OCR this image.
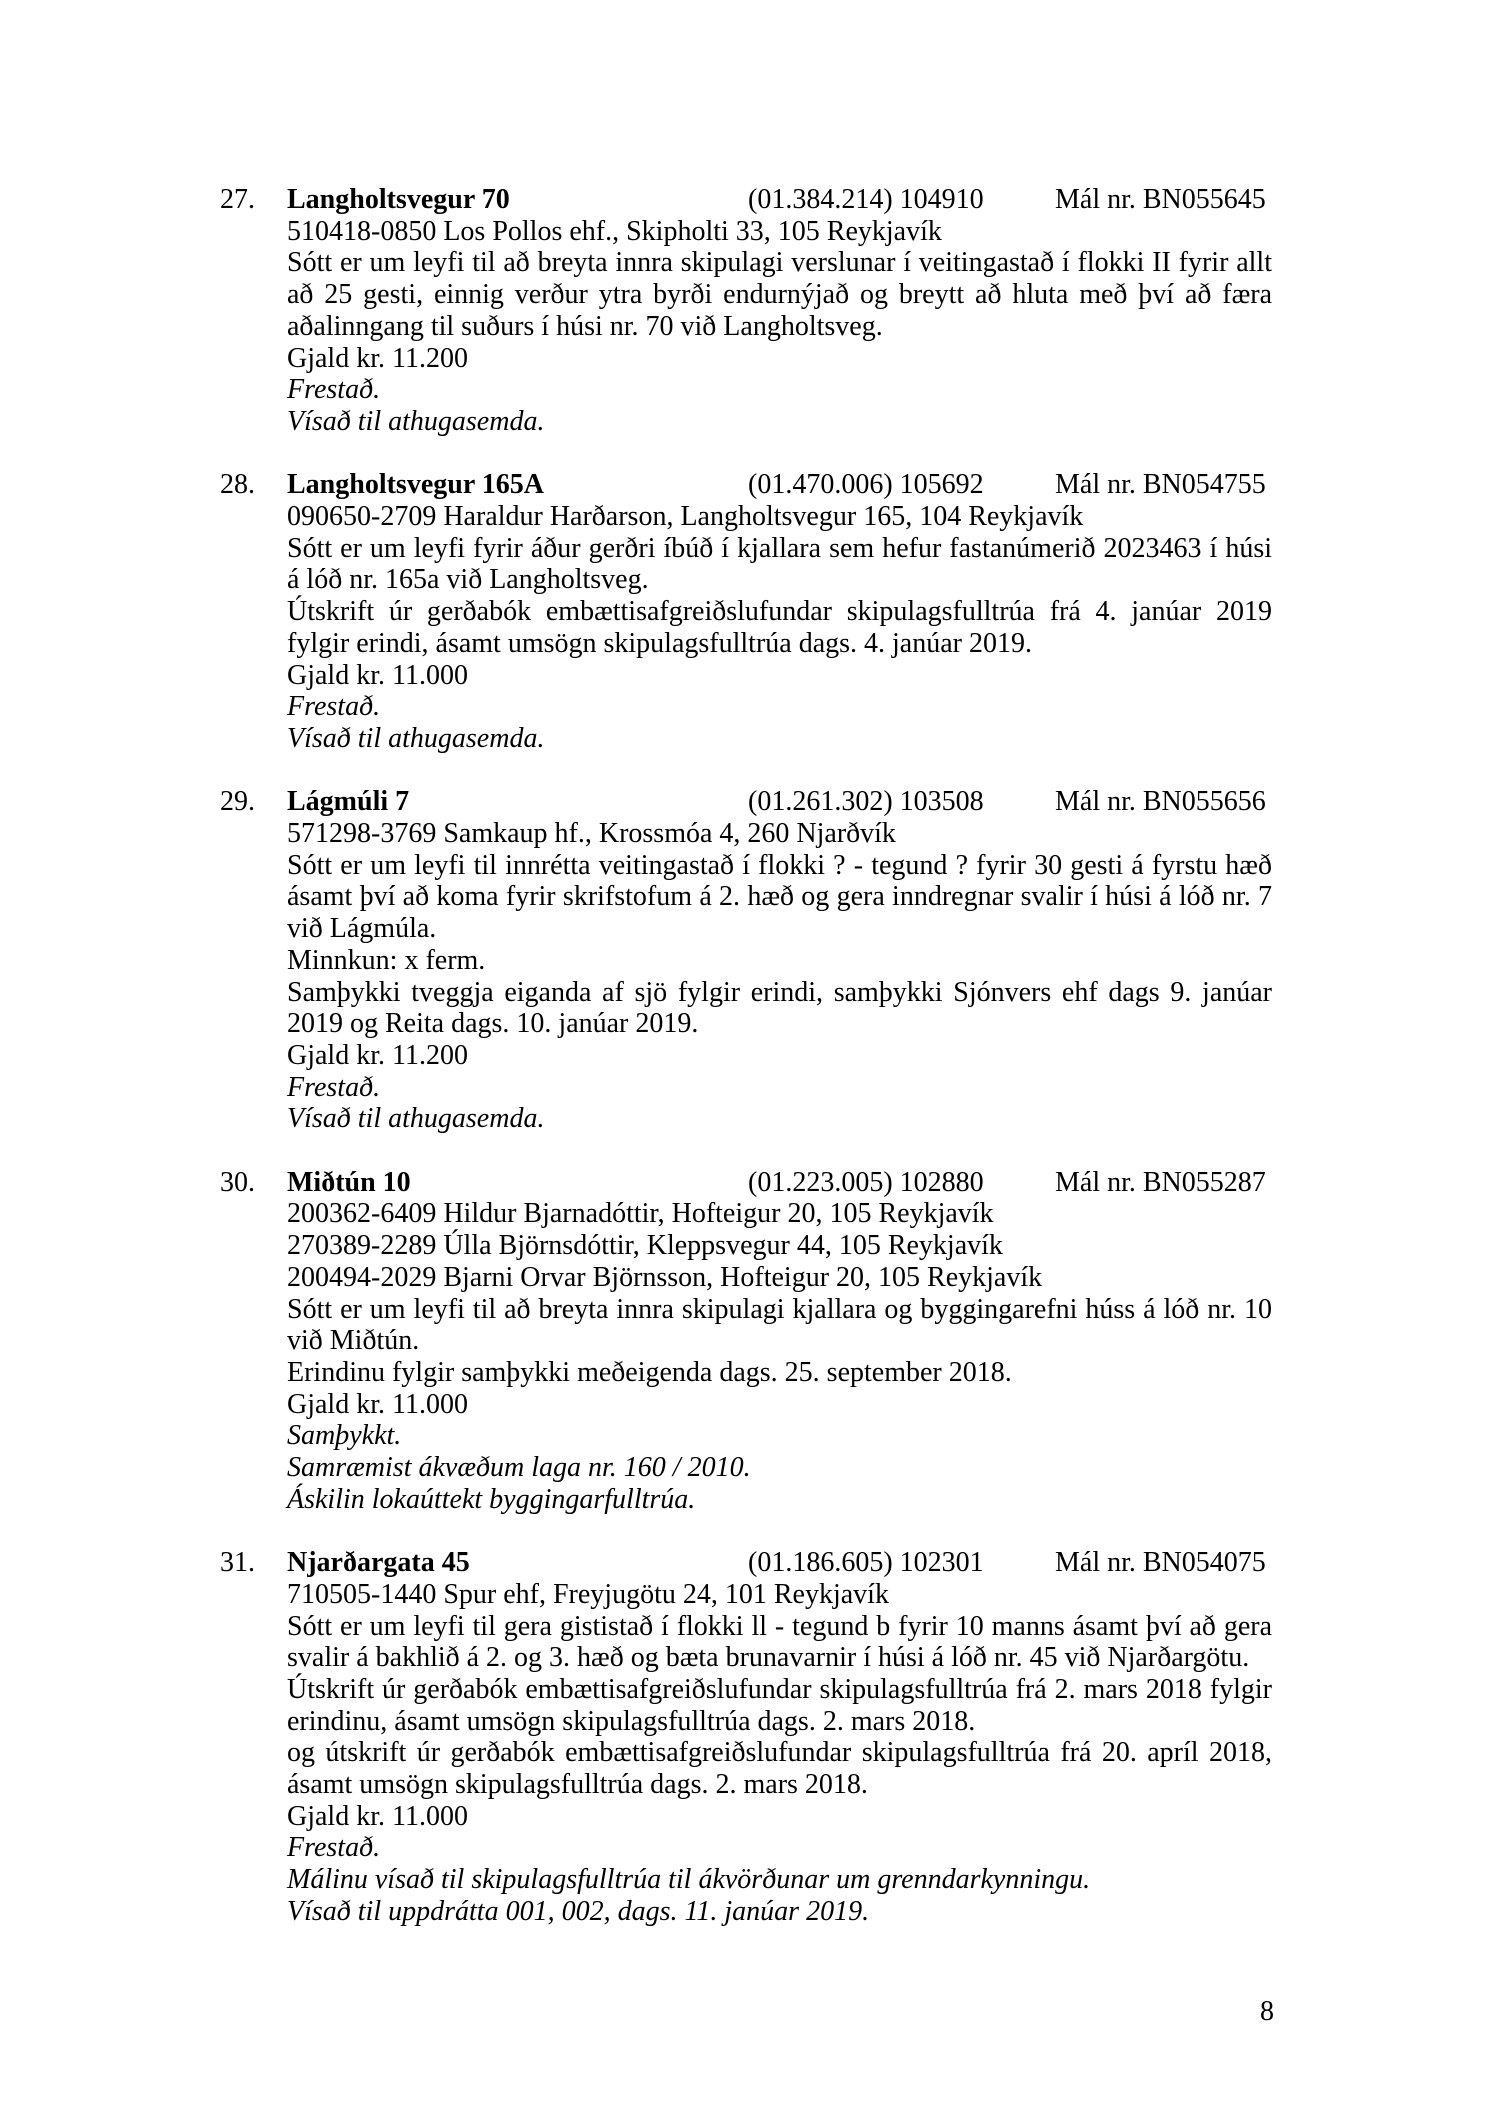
27. Langholtsvegur 70	(01.384.214) 104910	Mál nr. BN055645

510418-0850 Los Pollos ehf., Skipholti 33, 105 Reykjavík

Sótt er um leyfi til að breyta innra skipulagi verslunar í veitingastað í flokki II fyrir allt að 25 gesti, einnig verður ytra byrði endurnýjað og breytt að hluta með því að færa aðalinngang til suðurs í húsi nr. 70 við Langholtsveg.

Gjald kr. 11.200

Frestað.

Vísað til athugasemda.

28. Langholtsvegur 165A	(01.470.006) 105692	Mál nr. BN054755

090650-2709 Haraldur Harðarson, Langholtsvegur 165, 104 Reykjavík

Sótt er um leyfi fyrir áður gerðri íbúð í kjallara sem hefur fastanúmerið 2023463 í húsi á lóð nr. 165a við Langholtsveg.

Útskrift úr gerðabók embættisafgreiðslufundar skipulagsfulltrúa frá 4. janúar 2019 fylgir erindi, ásamt umsögn skipulagsfulltrúa dags. 4. janúar 2019.

Gjald kr. 11.000

Frestað.

Vísað til athugasemda.

29. Lágmúli 7	(01.261.302) 103508	Mál nr. BN055656

571298-3769 Samkaup hf., Krossmóa 4, 260 Njarðvík

Sótt er um leyfi til innrétta veitingastað í flokki ? - tegund ? fyrir 30 gesti á fyrstu hæð ásamt því að koma fyrir skrifstofum á 2. hæð og gera inndregnar svalir í húsi á lóð nr. 7 við Lágmúla.

Minnkun: x ferm.

Samþykki tveggja eiganda af sjö fylgir erindi, samþykki Sjónvers ehf dags 9. janúar 2019 og Reita dags. 10. janúar 2019.

Gjald kr. 11.200

Frestað.

Vísað til athugasemda.

30. Miðtún 10	(01.223.005) 102880	Mál nr. BN055287

200362-6409 Hildur Bjarnadóttir, Hofteigur 20, 105 Reykjavík

270389-2289 Úlla Björnsdóttir, Kleppsvegur 44, 105 Reykjavík

200494-2029 Bjarni Orvar Björnsson, Hofteigur 20, 105 Reykjavík

Sótt er um leyfi til að breyta innra skipulagi kjallara og byggingarefni húss á lóð nr. 10 við Miðtún.

Erindinu fylgir samþykki meðeigenda dags. 25. september 2018.

Gjald kr. 11.000

Samþykkt.

Samræmist ákvæðum laga nr. 160 / 2010.

Áskilin lokaúttekt byggingarfulltrúa.

31. Njarðargata 45	(01.186.605) 102301	Mál nr. BN054075

710505-1440 Spur ehf, Freyjugötu 24, 101 Reykjavík

Sótt er um leyfi til gera gististað í flokki ll - tegund b fyrir 10 manns ásamt því að gera svalir á bakhlið á 2. og 3. hæð og bæta brunavarnir í húsi á lóð nr. 45 við Njarðargötu.

Útskrift úr gerðabók embættisafgreiðslufundar skipulagsfulltrúa frá 2. mars 2018 fylgir erindinu, ásamt umsögn skipulagsfulltrúa dags. 2. mars 2018.

og útskrift úr gerðabók embættisafgreiðslufundar skipulagsfulltrúa frá 20. apríl 2018, ásamt umsögn skipulagsfulltrúa dags. 2. mars 2018.

Gjald kr. 11.000

Frestað.

Málinu vísað til skipulagsfulltrúa til ákvörðunar um grenndarkynningu.

Vísað til uppdrátta 001, 002, dags. 11. janúar 2019.

8
